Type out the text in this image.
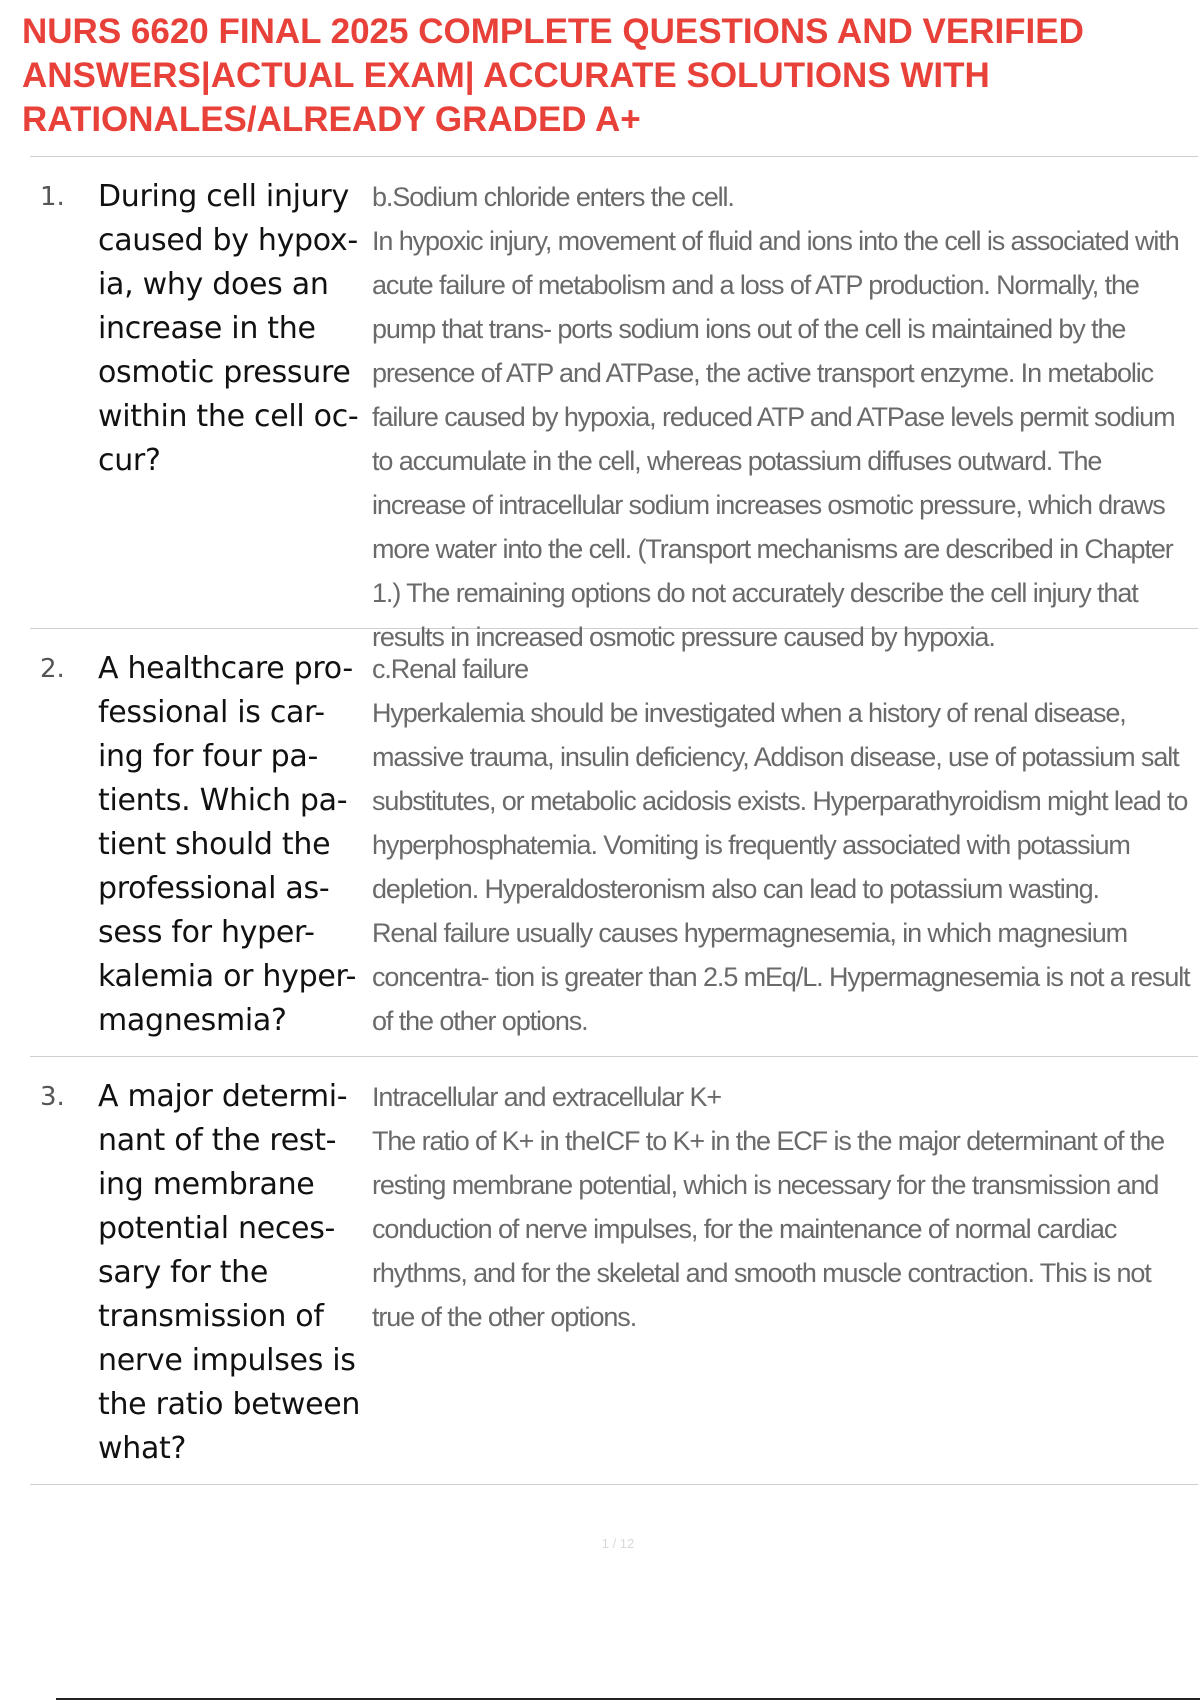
NURS 6620 FINAL 2025 COMPLETE QUESTIONS AND VERIFIED ANSWERS|ACTUAL EXAM| ACCURATE SOLUTIONS WITH RATIONALES/ALREADY GRADED A+
1. During cell injury caused by hypox-
ia, why does an increase in the osmotic pressure within the cell oc-
cur?

b.Sodium chloride enters the cell.

In hypoxic injury, movement of fluid and ions into the cell is associated with acute failure of metabolism and a loss of ATP production. Normally, the pump that trans- ports sodium ions out of the cell is maintained by the presence of ATP and ATPase, the active transport enzyme. In metabolic failure caused by hypoxia, reduced ATP and ATPase levels permit sodium to accumulate in the cell, whereas potassium diffuses outward. The increase of intracellular sodium increases osmotic pressure, which draws more water into the cell. (Transport mechanisms are described in Chapter 1.) The remaining options do not accurately describe the cell injury that results in increased osmotic pressure caused by hypoxia.

2. A healthcare pro-
fessional is car-
ing for four pa-
tients. Which pa-
tient should the professional as-
sess for hyper-
kalemia or hyper-
magnesmia?

c.Renal failure

Hyperkalemia should be investigated when a history of renal disease, massive trauma, insulin deficiency, Addison disease, use of potassium salt substitutes, or metabolic acidosis exists. Hyperparathyroidism might lead to hyperphosphatemia. Vomiting is frequently associated with potassium depletion. Hyperaldosteronism also can lead to potassium wasting.

Renal failure usually causes hypermagnesemia, in which magnesium concentra- tion is greater than 2.5 mEq/L. Hypermagnesemia is not a result of the other options.

3. A major determi-
nant of the rest-
ing membrane potential neces-
sary for the transmission of nerve impulses is the ratio between what?

Intracellular and extracellular K+

The ratio of K+ in theICF to K+ in the ECF is the major determinant of the resting membrane potential, which is necessary for the transmission and conduction of nerve impulses, for the maintenance of normal cardiac rhythms, and for the skeletal and smooth muscle contraction. This is not true of the other options.

1 / 12
